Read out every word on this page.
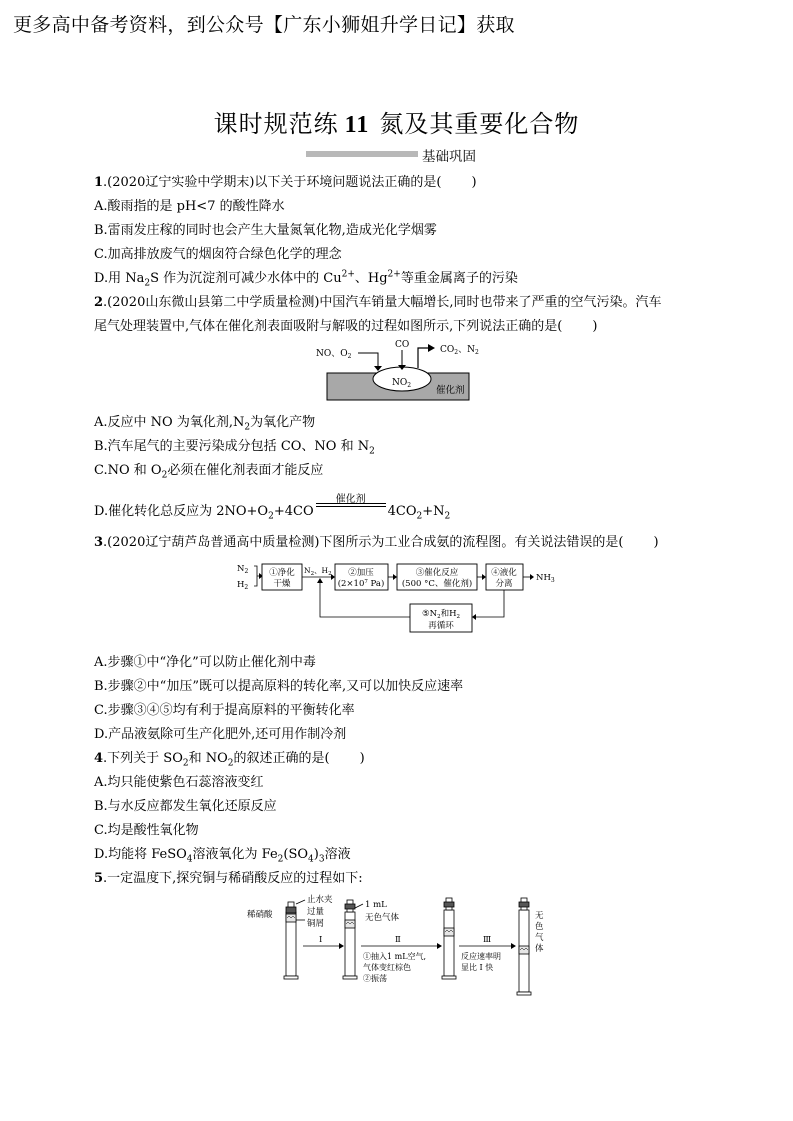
更多高中备考资料，到公众号【广东小狮姐升学日记】获取
课时规范练 11 氮及其重要化合物
基础巩固
1.(2020辽宁实验中学期末)以下关于环境问题说法正确的是( )
A.酸雨指的是 pH<7 的酸性降水
B.雷雨发庄稼的同时也会产生大量氮氧化物,造成光化学烟雾
C.加高排放废气的烟囱符合绿色化学的理念
D.用 $Na_2S$ 作为沉淀剂可减少水体中的 $Cu^{2+}$、$Hg^{2+}$等重金属离子的污染
2.(2020山东微山县第二中学质量检测)中国汽车销量大幅增长,同时也带来了严重的空气污染。汽车
尾气处理装置中,气体在催化剂表面吸附与解吸的过程如图所示,下列说法正确的是( )
NO、$O_2$
CO	$CO_2$、$N_2$
$NO_2$	催化剂
A.反应中 NO 为氧化剂$,N_2$为氧化产物
B.汽车尾气的主要污染成分包括 CO、NO 和 $N_2$
C.NO 和 $O_2$必须在催化剂表面才能反应
D.催化转化总反应为 $2NO+O_2+4CO$
催化剂
$4CO_2+N_2$
3.(2020辽宁葫芦岛普通高中质量检测)下图所示为工业合成氨的流程图。有关说法错误的是( )
$N_2$
$H_2$
①净化
干燥
$N_2$、$H_2$ ②加压
($2\times 10^7$ Pa)
③催化反应
(500 °C、催化剂)
④液化
分离
$NH_3$
$⑤N_2$和$H_2$
再循环
A.步骤①中“净化”可以防止催化剂中毒
B.步骤②中“加压”既可以提高原料的转化率,又可以加快反应速率
C.步骤③④⑤均有利于提高原料的平衡转化率
D.产品液氨除可生产化肥外,还可用作制冷剂
4.下列关于 $SO_2$和 $NO_2$的叙述正确的是( )
A.均只能使紫色石蕊溶液变红
B.与水反应都发生氧化还原反应
C.均是酸性氧化物
D.均能将 FeSO$_4$溶液氧化为 $Fe_2(SO_4)_3$溶液
5.一定温度下,探究铜与稀硝酸反应的过程如下:
稀硝酸
止水夹
过量
铜屑
Ⅰ
1 mL
无色气体
Ⅱ
①抽入1 mL空气,
气体变红棕色
②振荡
Ⅲ
反应速率明
显比 Ⅰ 快
无
色
气
体
